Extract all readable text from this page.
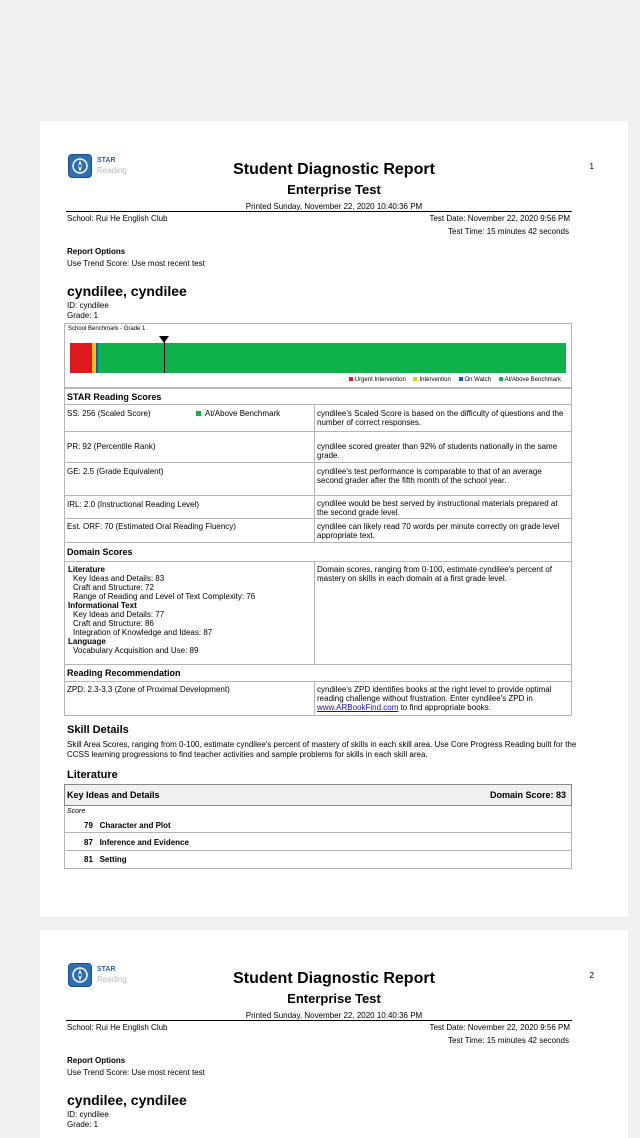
STAR
Reading	Student Diagnostic Report
Enterprise Test
1
Printed Sunday, November 22, 2020 10:40:36 PM
School: Rui He English Club	Test Date: November 22, 2020 9:56 PM
Test Time: 15 minutes 42 seconds
Report Options
Use Trend Score: Use most recent test
cyndilee, cyndilee
ID: cyndilee
Grade: 1
School Benchmark - Grade 1
Urgent Intervention Intervention On Watch At/Above Benchmark
STAR Reading Scores
SS: 256 (Scaled Score)	At/Above Benchmark	cyndilee's Scaled Score is based on the difficulty of questions and the number of correct responses.
PR: 92 (Percentile Rank)	cyndilee scored greater than 92% of students nationally in the same grade.
GE: 2.5 (Grade Equivalent)	cyndilee's test performance is comparable to that of an average second grader after the fifth month of the school year.
IRL: 2.0 (Instructional Reading Level)	cyndilee would be best served by instructional materials prepared at the second grade level.
Est. ORF: 70 (Estimated Oral Reading Fluency)	cyndilee can likely read 70 words per minute correctly on grade level appropriate text.
Domain Scores
Literature
Key Ideas and Details: 83
Craft and Structure: 72
Range of Reading and Level of Text Complexity: 76
Informational Text
Key Ideas and Details: 77
Craft and Structure: 86
Integration of Knowledge and Ideas: 87
Language
Vocabulary Acquisition and Use: 89
Domain scores, ranging from 0-100, estimate cyndilee's percent of mastery on skills in each domain at a first grade level.
Reading Recommendation
ZPD: 2.3-3.3 (Zone of Proximal Development)	cyndilee's ZPD identifies books at the right level to provide optimal reading challenge without frustration. Enter cyndilee's ZPD in www.ARBookFind.com to find appropriate books.
Skill Details
Skill Area Scores, ranging from 0-100, estimate cyndilee's percent of mastery of skills in each skill area. Use Core Progress Reading built for the CCSS learning progressions to find teacher activities and sample problems for skills in each skill area.
Literature
Key Ideas and Details	Domain Score: 83
Score
79 Character and Plot
87 Inference and Evidence
81 Setting
STAR
Reading	Student Diagnostic Report
Enterprise Test
2
Printed Sunday, November 22, 2020 10:40:36 PM
School: Rui He English Club	Test Date: November 22, 2020 9:56 PM
Test Time: 15 minutes 42 seconds
Report Options
Use Trend Score: Use most recent test
cyndilee, cyndilee
ID: cyndilee
Grade: 1
